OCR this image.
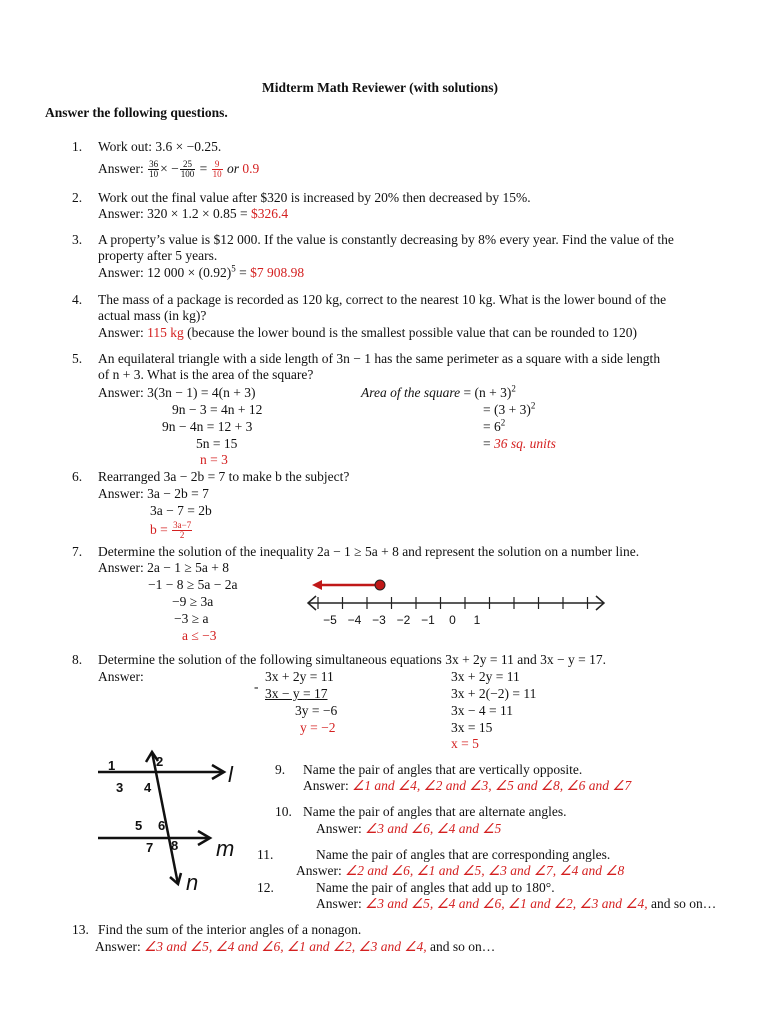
Midterm Math Reviewer (with solutions)
Answer the following questions.
1. Work out: 3.6 × −0.25.
Answer: $\frac{36}{10}$ × − $\frac{25}{100} = \frac{9}{10}$ or 0.9
2. Work out the final value after $320 is increased by 20% then decreased by 15%.
Answer: 320 × 1.2 × 0.85 = $326.4
3. A property’s value is $12 000. If the value is constantly decreasing by 8% every year. Find the value of the
property after 5 years.
Answer: 12 $000 \times (0.92)^5$ = $7 908.98
4. The mass of a package is recorded as 120 kg, correct to the nearest 10 kg. What is the lower bound of the
actual mass (in kg)?
Answer: 115 kg (because the lower bound is the smallest possible value that can be rounded to 120)
5. An equilateral triangle with a side length of 3n − 1 has the same perimeter as a square with a side length
of n + 3. What is the area of the square?
Answer: 3(3n − 1) = 4(n + 3)
9n − 3 = 4n + 12
9n − 4n = 12 + 3
5n = 15
n = 3
Area of the square = $(n + 3)^2$
= $(3 + 3)^2$
= $6^2$
= 36 sq. units
6. Rearranged 3a − 2b = 7 to make b the subject?
Answer: 3a − 2b = 7
3a − 7 = 2b
$b = \frac{3a-7}{2}$
7. Determine the solution of the inequality 2a − 1 ≥ 5a + 8 and represent the solution on a number line.
Answer: 2a − 1 ≥ 5a + 8
−1 − 8 ≥ 5a − 2a
−9 ≥ 3a
−3 ≥ a
a ≤ −3
−5 −4 −3 −2 −1 0 1
8. Determine the solution of the following simultaneous equations 3x + 2y = 11 and 3x − y = 17.
Answer:	3x + 2y = 11
- 3x − y = 17
3y = −6
y = −2
3x + 2y = 11
3x + 2(−2) = 11
3x − 4 = 11
3x = 15
x = 5
1	2
3 4
5 6
7 8
l
m
n
9. Name the pair of angles that are vertically opposite.
Answer: ∠1 and ∠4, ∠2 and ∠3, ∠5 and ∠8, ∠6 and ∠7
10. Name the pair of angles that are alternate angles.
Answer: ∠3 and ∠6, ∠4 and ∠5
11.	Name the pair of angles that are corresponding angles.
Answer: ∠2 and ∠6, ∠1 and ∠5, ∠3 and ∠7, ∠4 and ∠8
12.	Name the pair of angles that add up to 180°.
Answer: ∠3 and ∠5, ∠4 and ∠6, ∠1 and ∠2, ∠3 and ∠4, and so on…
13. Find the sum of the interior angles of a nonagon.
Answer: ∠3 and ∠5, ∠4 and ∠6, ∠1 and ∠2, ∠3 and ∠4, and so on…
